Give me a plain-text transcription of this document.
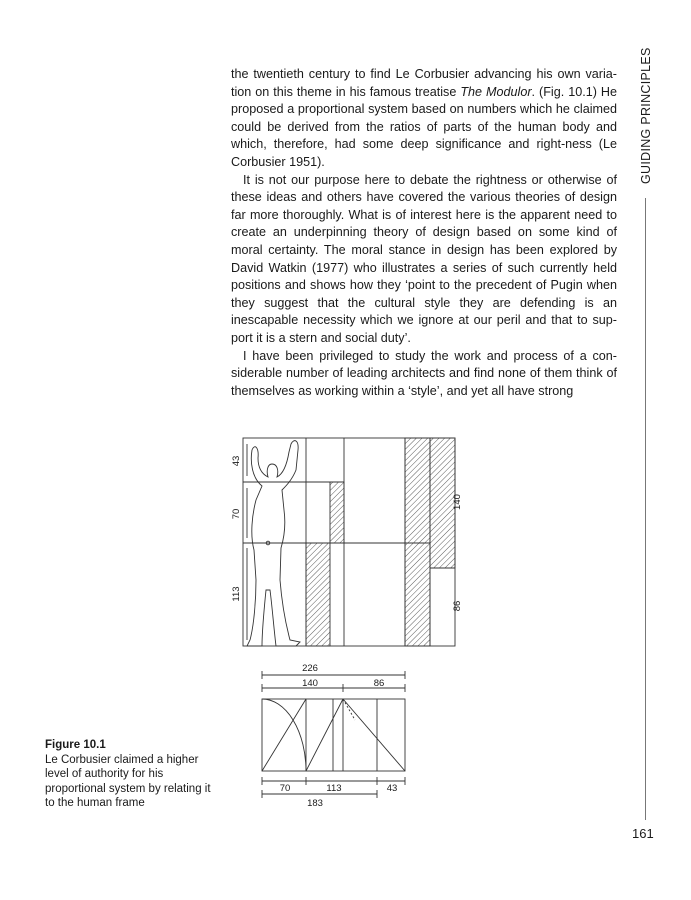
GUIDING PRINCIPLES
161

the twentieth century to find Le Corbusier advancing his own varia-tion on this theme in his famous treatise The Modulor. (Fig. 10.1) He proposed a proportional system based on numbers which he claimed could be derived from the ratios of parts of the human body and which, therefore, had some deep significance and right-ness (Le Corbusier 1951).

It is not our purpose here to debate the rightness or otherwise of these ideas and others have covered the various theories of design far more thoroughly. What is of interest here is the apparent need to create an underpinning theory of design based on some kind of moral certainty. The moral stance in design has been explored by David Watkin (1977) who illustrates a series of such currently held positions and shows how they ‘point to the precedent of Pugin when they suggest that the cultural style they are defending is an inescapable necessity which we ignore at our peril and that to sup-port it is a stern and social duty’.

I have been privileged to study the work and process of a con-siderable number of leading architects and find none of them think of themselves as working within a ‘style’, and yet all have strong

Figure 10.1
Le Corbusier claimed a higher level of authority for his proportional system by relating it to the human frame
43
70
113
140
86
226
140	86
70	113	43
183
